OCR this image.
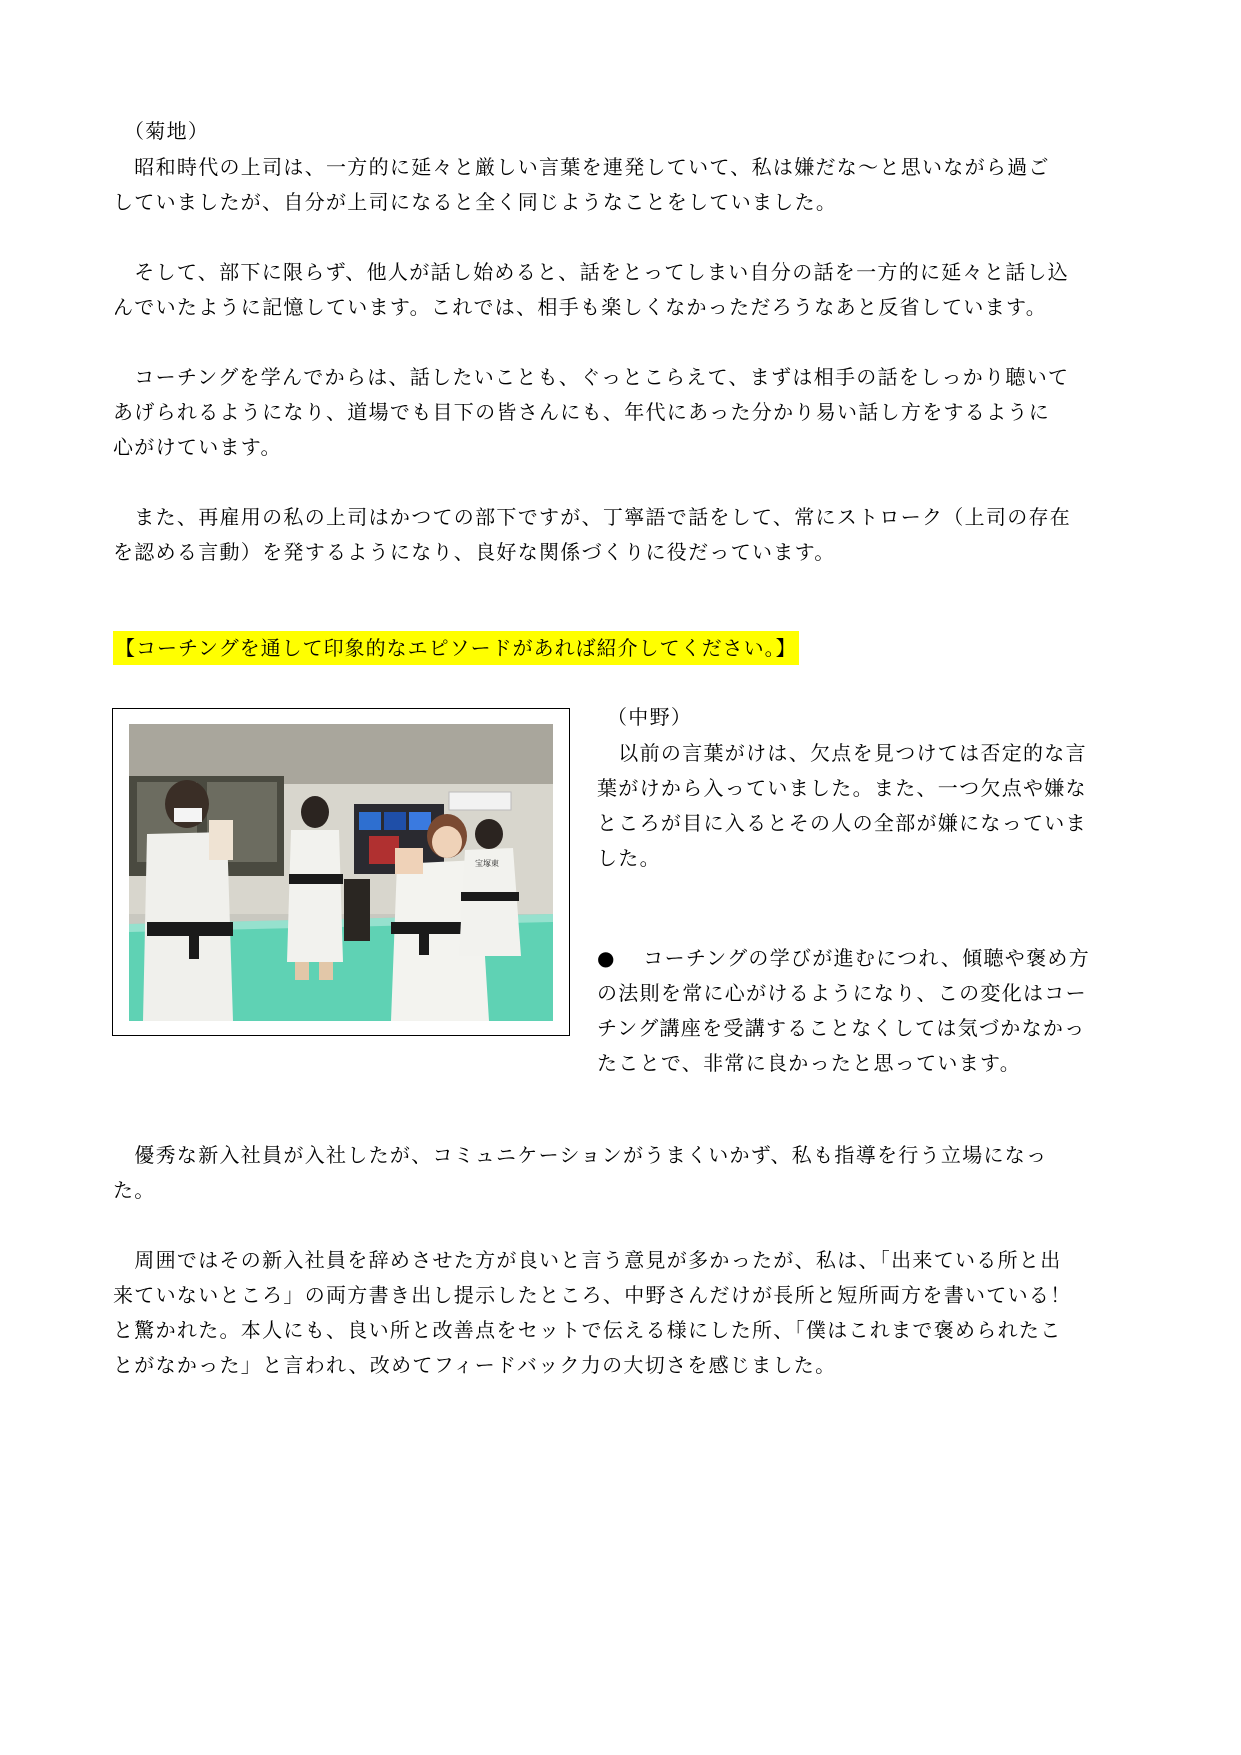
（菊地）
　昭和時代の上司は、一方的に延々と厳しい言葉を連発していて、私は嫌だな～と思いながら過ご
していましたが、自分が上司になると全く同じようなことをしていました。
　そして、部下に限らず、他人が話し始めると、話をとってしまい自分の話を一方的に延々と話し込
んでいたように記憶しています。これでは、相手も楽しくなかっただろうなあと反省しています。
　コーチングを学んでからは、話したいことも、ぐっとこらえて、まずは相手の話をしっかり聴いて
あげられるようになり、道場でも目下の皆さんにも、年代にあった分かり易い話し方をするように
心がけています。
　また、再雇用の私の上司はかつての部下ですが、丁寧語で話をして、常にストローク（上司の存在
を認める言動）を発するようになり、良好な関係づくりに役だっています。
【コーチングを通して印象的なエピソードがあれば紹介してください。】
宝塚東
（中野）
　以前の言葉がけは、欠点を見つけては否定的な言
葉がけから入っていました。また、一つ欠点や嫌な
ところが目に入るとその人の全部が嫌になっていま
した。
● 　コーチングの学びが進むにつれ、傾聴や褒め方
の法則を常に心がけるようになり、この変化はコー
チング講座を受講することなくしては気づかなかっ
たことで、非常に良かったと思っています。
　優秀な新入社員が入社したが、コミュニケーションがうまくいかず、私も指導を行う立場になっ
た。
　周囲ではその新入社員を辞めさせた方が良いと言う意見が多かったが、私は、「出来ている所と出
来ていないところ」の両方書き出し提示したところ、中野さんだけが長所と短所両方を書いている！
と驚かれた。本人にも、良い所と改善点をセットで伝える様にした所、「僕はこれまで褒められたこ
とがなかった」と言われ、改めてフィードバック力の大切さを感じました。
